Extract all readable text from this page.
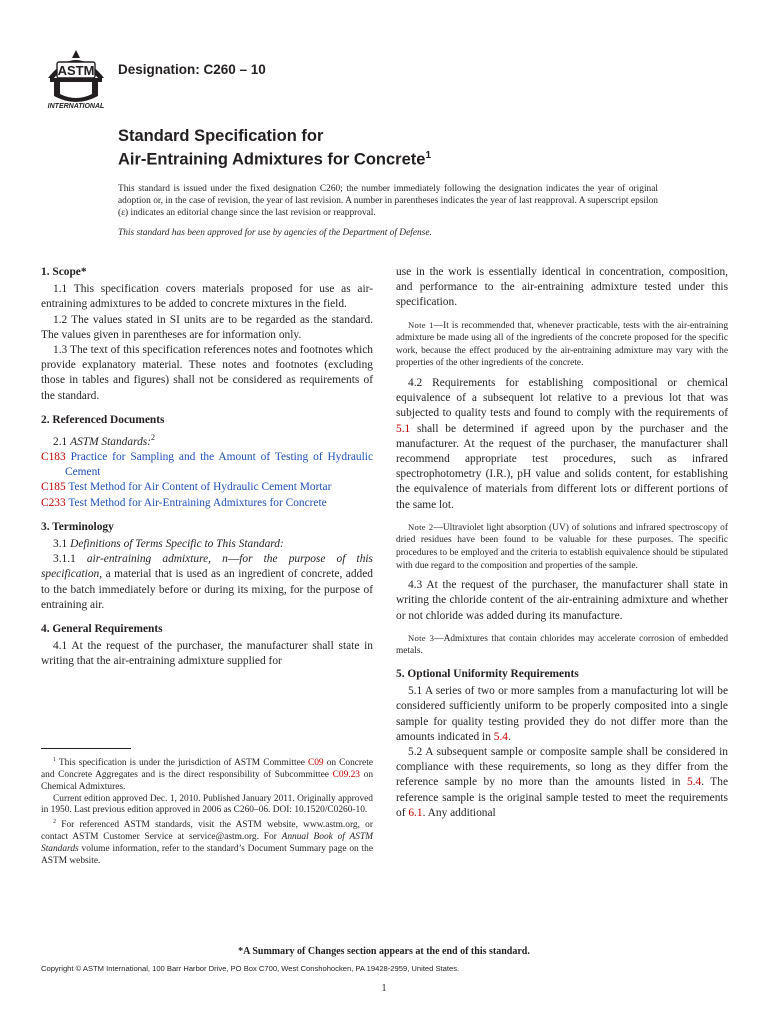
ASTM
INTERNATIONAL
Designation: C260 – 10
Standard Specification for
Air-Entraining Admixtures for Concrete$^1$
This standard is issued under the fixed designation C260; the number immediately following the designation indicates the year of original adoption or, in the case of revision, the year of last revision. A number in parentheses indicates the year of last reapproval. A superscript epsilon (ε) indicates an editorial change since the last revision or reapproval.
This standard has been approved for use by agencies of the Department of Defense.
1. Scope*

1.1 This specification covers materials proposed for use as air-entraining admixtures to be added to concrete mixtures in the field.

1.2 The values stated in SI units are to be regarded as the standard. The values given in parentheses are for information only.

1.3 The text of this specification references notes and footnotes which provide explanatory material. These notes and footnotes (excluding those in tables and figures) shall not be considered as requirements of the standard.

2. Referenced Documents

2.1 ASTM Standards:$^2$

C183 Practice for Sampling and the Amount of Testing of Hydraulic Cement

C185 Test Method for Air Content of Hydraulic Cement Mortar

C233 Test Method for Air-Entraining Admixtures for Concrete

3. Terminology

3.1 Definitions of Terms Specific to This Standard:

3.1.1 air-entraining admixture, n—for the purpose of this specification, a material that is used as an ingredient of concrete, added to the batch immediately before or during its mixing, for the purpose of entraining air.

4. General Requirements

4.1 At the request of the purchaser, the manufacturer shall state in writing that the air-entraining admixture supplied for

use in the work is essentially identical in concentration, composition, and performance to the air-entraining admixture tested under this specification.

Note 1—It is recommended that, whenever practicable, tests with the air-entraining admixture be made using all of the ingredients of the concrete proposed for the specific work, because the effect produced by the air-entraining admixture may vary with the properties of the other ingredients of the concrete.

4.2 Requirements for establishing compositional or chemical equivalence of a subsequent lot relative to a previous lot that was subjected to quality tests and found to comply with the requirements of 5.1 shall be determined if agreed upon by the purchaser and the manufacturer. At the request of the purchaser, the manufacturer shall recommend appropriate test procedures, such as infrared spectrophotometry (I.R.), pH value and solids content, for establishing the equivalence of materials from different lots or different portions of the same lot.

Note 2—Ultraviolet light absorption (UV) of solutions and infrared spectroscopy of dried residues have been found to be valuable for these purposes. The specific procedures to be employed and the criteria to establish equivalence should be stipulated with due regard to the composition and properties of the sample.

4.3 At the request of the purchaser, the manufacturer shall state in writing the chloride content of the air-entraining admixture and whether or not chloride was added during its manufacture.

Note 3—Admixtures that contain chlorides may accelerate corrosion of embedded metals.

5. Optional Uniformity Requirements

5.1 A series of two or more samples from a manufacturing lot will be considered sufficiently uniform to be properly composited into a single sample for quality testing provided they do not differ more than the amounts indicated in 5.4.

5.2 A subsequent sample or composite sample shall be considered in compliance with these requirements, so long as they differ from the reference sample by no more than the amounts listed in 5.4. The reference sample is the original sample tested to meet the requirements of 6.1. Any additional

$^1$ This specification is under the jurisdiction of ASTM Committee C09 on Concrete and Concrete Aggregates and is the direct responsibility of Subcommittee C09.23 on Chemical Admixtures.

Current edition approved Dec. 1, 2010. Published January 2011. Originally approved in 1950. Last previous edition approved in 2006 as C260–06. DOI: 10.1520/C0260-10.

$^2$ For referenced ASTM standards, visit the ASTM website, www.astm.org, or contact ASTM Customer Service at service@astm.org. For Annual Book of ASTM Standards volume information, refer to the standard’s Document Summary page on the ASTM website.

*A Summary of Changes section appears at the end of this standard.
Copyright © ASTM International, 100 Barr Harbor Drive, PO Box C700, West Conshohocken, PA 19428-2959, United States.
1
